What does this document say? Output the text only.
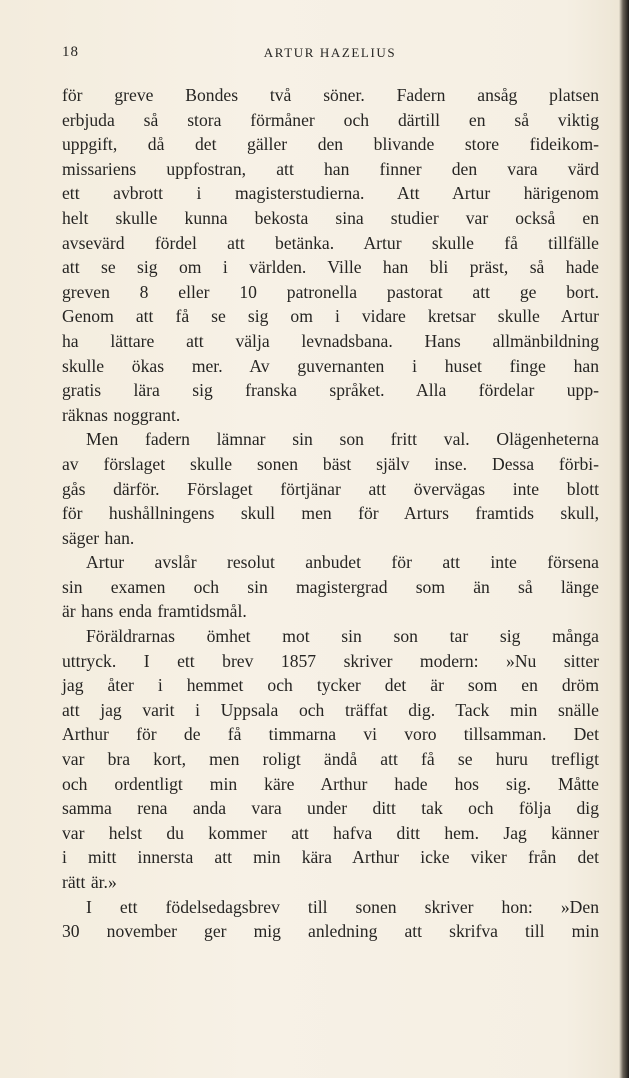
18	ARTUR HAZELIUS
för greve Bondes två söner. Fadern ansåg platsen
erbjuda så stora förmåner och därtill en så viktig
uppgift, då det gäller den blivande store fideikom-
missariens uppfostran, att han finner den vara värd
ett avbrott i magisterstudierna. Att Artur härigenom
helt skulle kunna bekosta sina studier var också en
avsevärd fördel att betänka. Artur skulle få tillfälle
att se sig om i världen. Ville han bli präst, så hade
greven 8 eller 10 patronella pastorat att ge bort.
Genom att få se sig om i vidare kretsar skulle Artur
ha lättare att välja levnadsbana. Hans allmänbildning
skulle ökas mer. Av guvernanten i huset finge han
gratis lära sig franska språket. Alla fördelar upp-
räknas noggrant.
Men fadern lämnar sin son fritt val. Olägenheterna
av förslaget skulle sonen bäst själv inse. Dessa förbi-
gås därför. Förslaget förtjänar att övervägas inte blott
för hushållningens skull men för Arturs framtids skull,
säger han.
Artur avslår resolut anbudet för att inte försena
sin examen och sin magistergrad som än så länge
är hans enda framtidsmål.
Föräldrarnas ömhet mot sin son tar sig många
uttryck. I ett brev 1857 skriver modern: »Nu sitter
jag åter i hemmet och tycker det är som en dröm
att jag varit i Uppsala och träffat dig. Tack min snälle
Arthur för de få timmarna vi voro tillsamman. Det
var bra kort, men roligt ändå att få se huru trefligt
och ordentligt min käre Arthur hade hos sig. Måtte
samma rena anda vara under ditt tak och följa dig
var helst du kommer att hafva ditt hem. Jag känner
i mitt innersta att min kära Arthur icke viker från det
rätt är.»
I ett födelsedagsbrev till sonen skriver hon: »Den
30 november ger mig anledning att skrifva till min
